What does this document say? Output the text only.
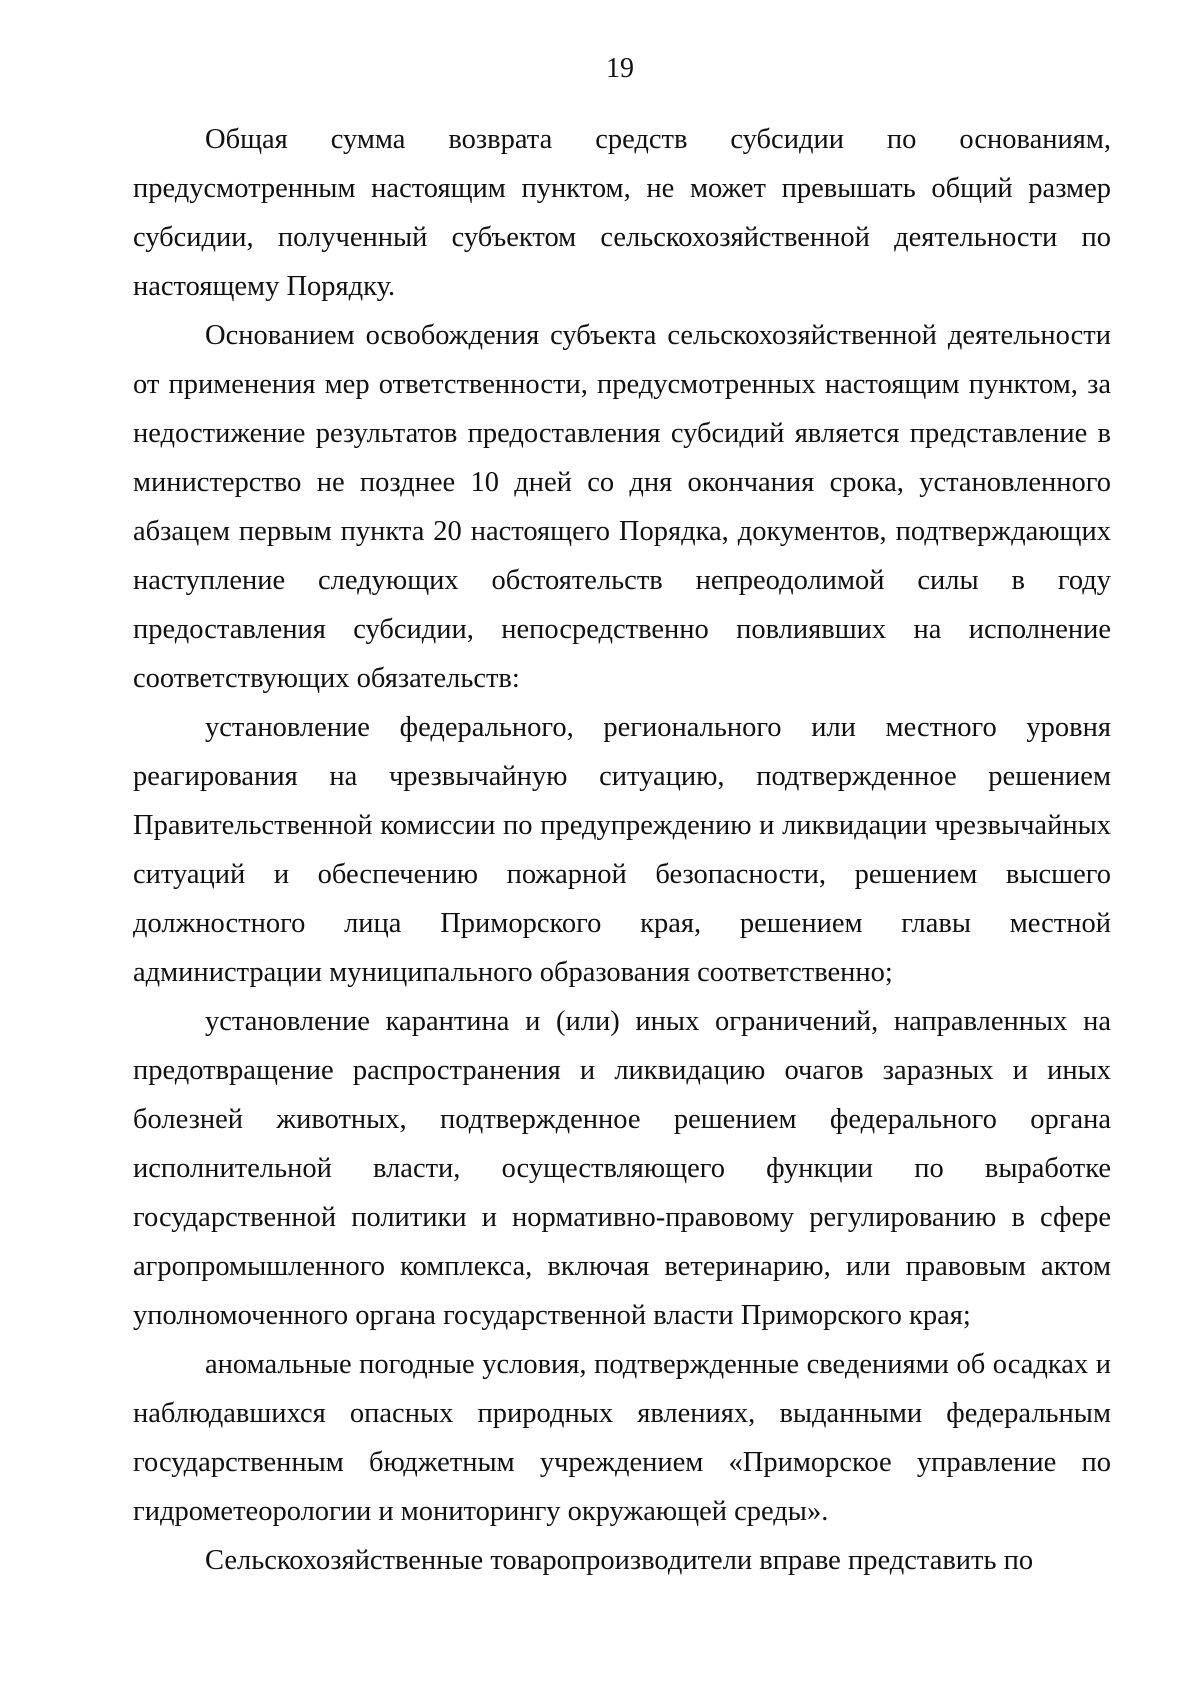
19

Общая сумма возврата средств субсидии по основаниям, предусмотренным настоящим пунктом, не может превышать общий размер субсидии, полученный субъектом сельскохозяйственной деятельности по настоящему Порядку.

Основанием освобождения субъекта сельскохозяйственной деятельности от применения мер ответственности, предусмотренных настоящим пунктом, за недостижение результатов предоставления субсидий является представление в министерство не позднее 10 дней со дня окончания срока, установленного абзацем первым пункта 20 настоящего Порядка, документов, подтверждающих наступление следующих обстоятельств непреодолимой силы в году предоставления субсидии, непосредственно повлиявших на исполнение соответствующих обязательств:

установление федерального, регионального или местного уровня реагирования на чрезвычайную ситуацию, подтвержденное решением Правительственной комиссии по предупреждению и ликвидации чрезвычайных ситуаций и обеспечению пожарной безопасности, решением высшего должностного лица Приморского края, решением главы местной администрации муниципального образования соответственно;

установление карантина и (или) иных ограничений, направленных на предотвращение распространения и ликвидацию очагов заразных и иных болезней животных, подтвержденное решением федерального органа исполнительной власти, осуществляющего функции по выработке государственной политики и нормативно-правовому регулированию в сфере агропромышленного комплекса, включая ветеринарию, или правовым актом уполномоченного органа государственной власти Приморского края;

аномальные погодные условия, подтвержденные сведениями об осадках и наблюдавшихся опасных природных явлениях, выданными федеральным государственным бюджетным учреждением «Приморское управление по гидрометеорологии и мониторингу окружающей среды».

Сельскохозяйственные товаропроизводители вправе представить по
